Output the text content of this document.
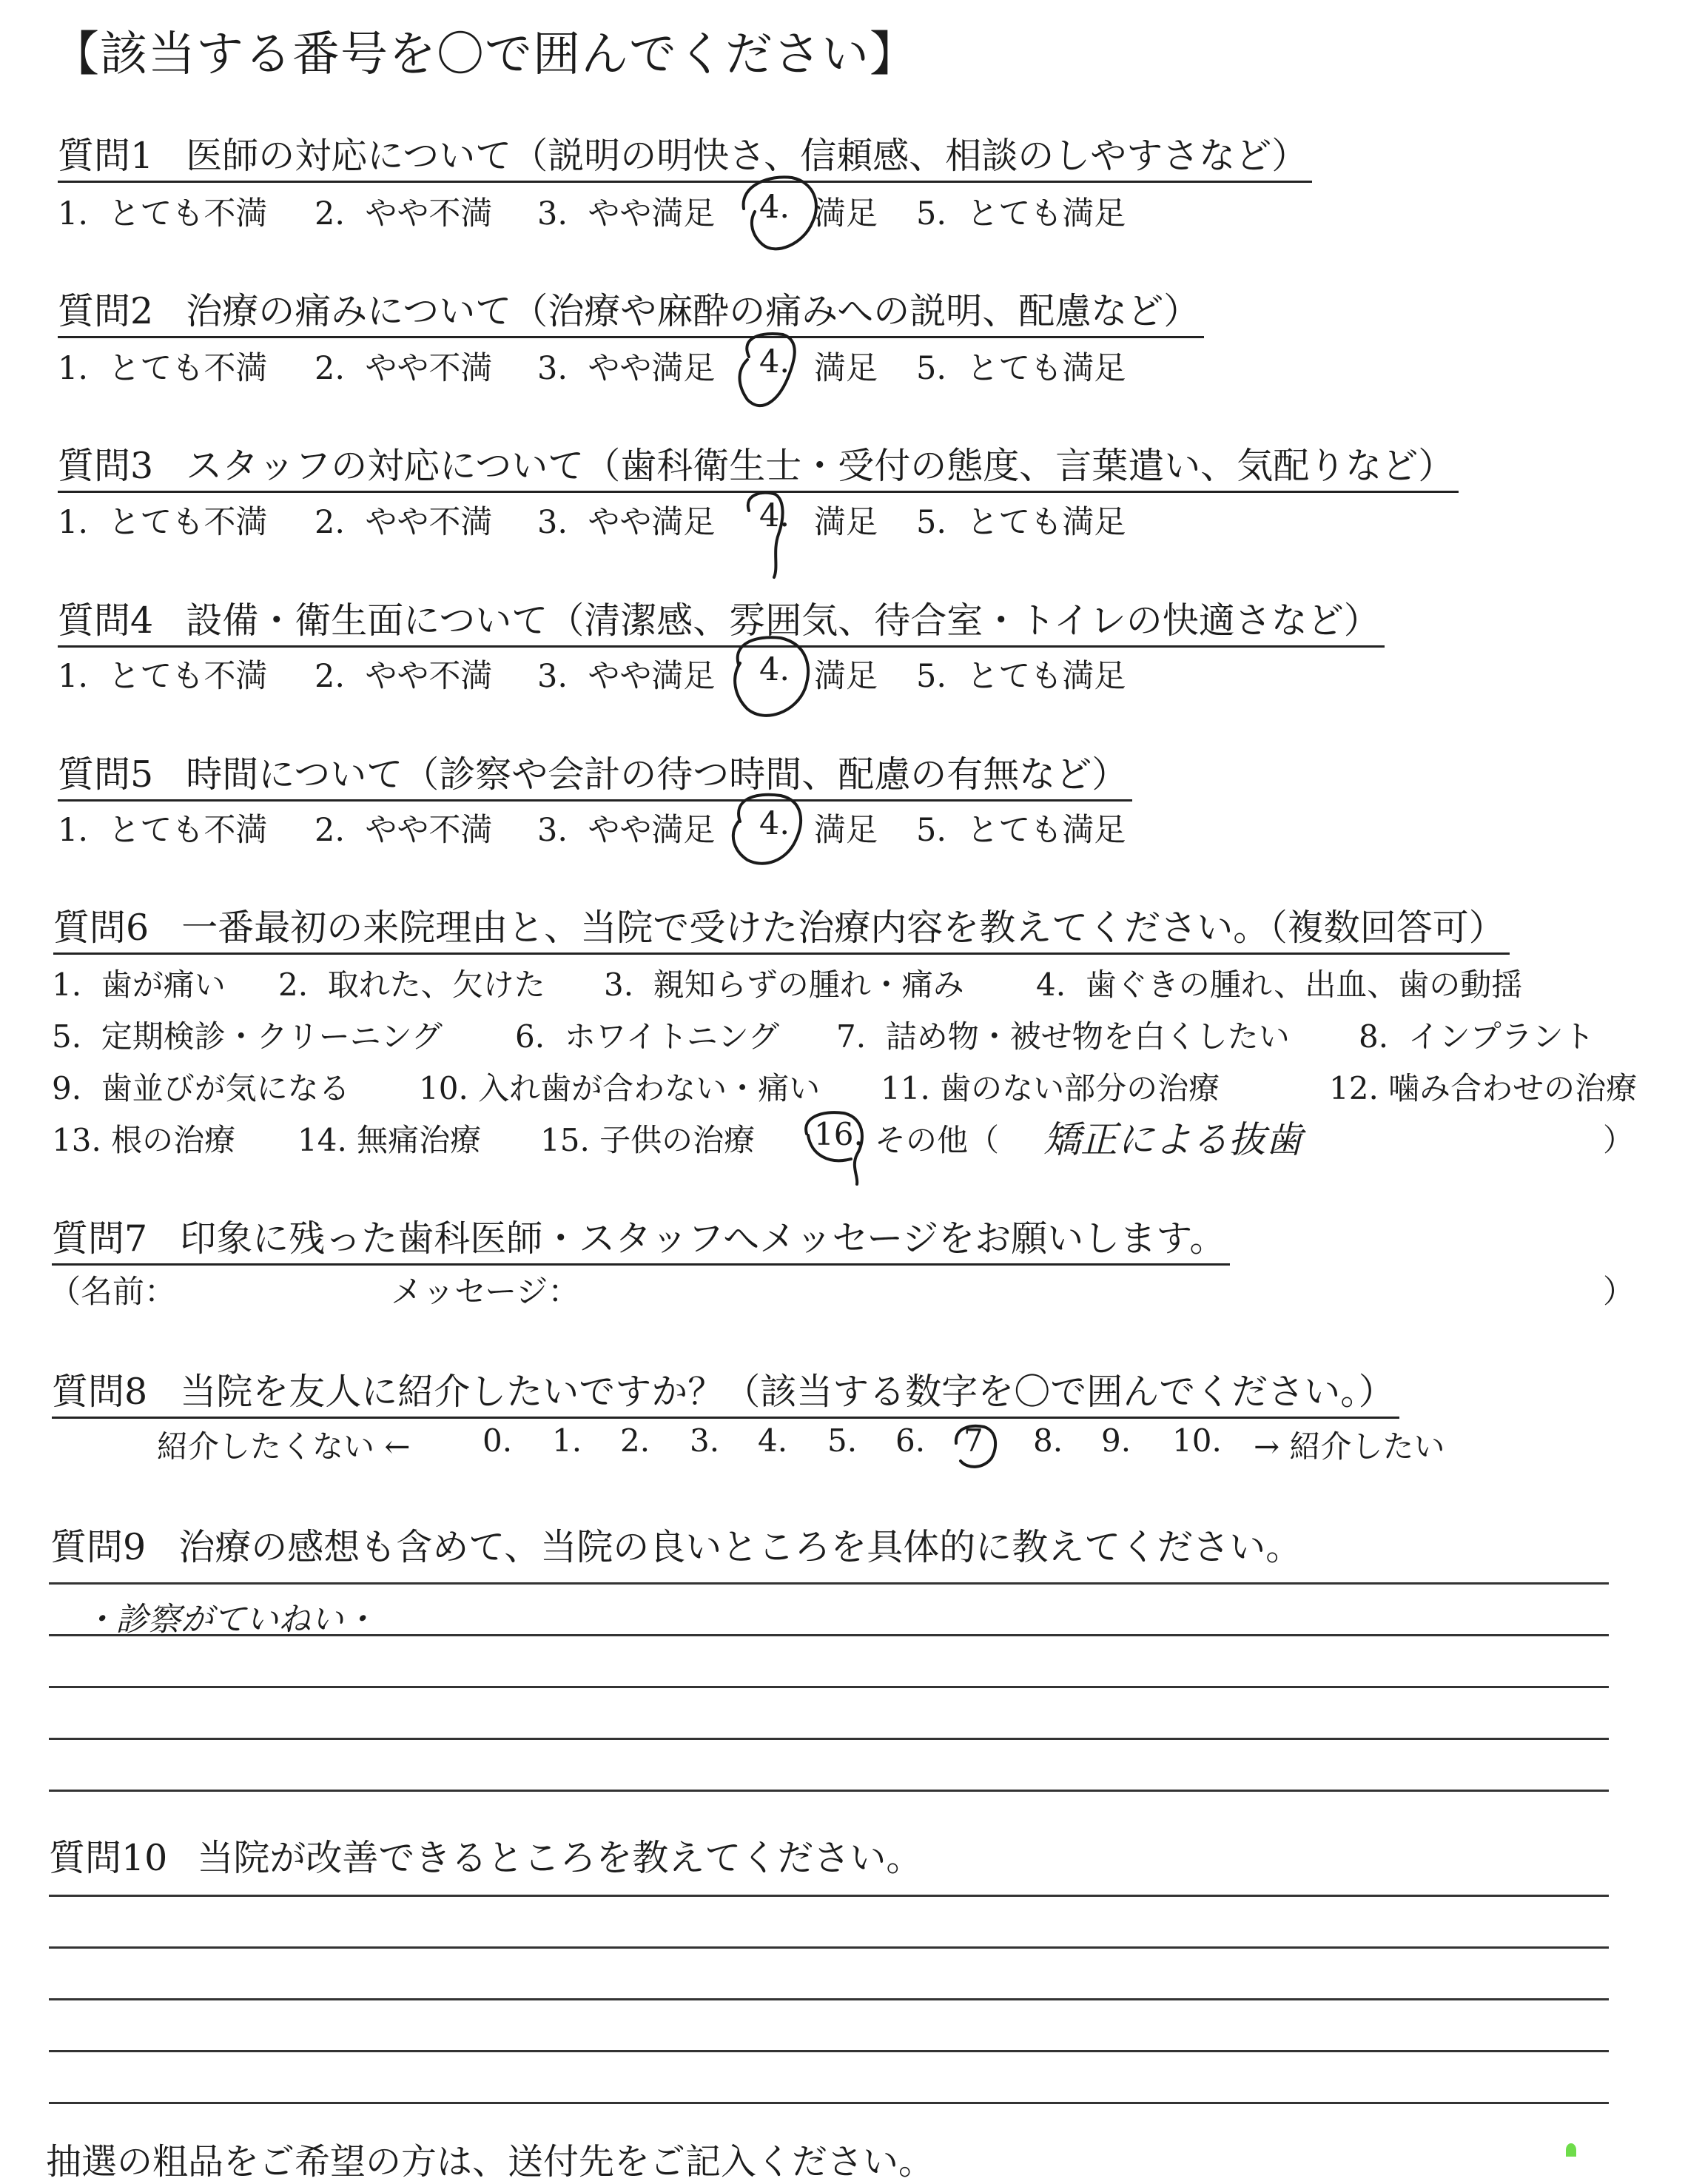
【該当する番号を〇で囲んでください】
質問1 医師の対応について（説明の明快さ、信頼感、相談のしやすさなど）
1.  とても不満 2.  やや不満 3.  やや満足 4. 満足 5.  とても満足
質問2 治療の痛みについて（治療や麻酔の痛みへの説明、配慮など）
1.  とても不満 2.  やや不満 3.  やや満足 4. 満足 5.  とても満足
質問3 スタッフの対応について（歯科衛生士・受付の態度、言葉遣い、気配りなど）
1.  とても不満 2.  やや不満 3.  やや満足 4. 満足 5.  とても満足
質問4 設備・衛生面について（清潔感、雰囲気、待合室・トイレの快適さなど）
1.  とても不満 2.  やや不満 3.  やや満足 4. 満足 5.  とても満足
質問5 時間について（診察や会計の待つ時間、配慮の有無など）
1.  とても不満 2.  やや不満 3.  やや満足 4. 満足 5.  とても満足
質問6 一番最初の来院理由と、当院で受けた治療内容を教えてください。（複数回答可）
1.  歯が痛い 2.  取れた、欠けた 3.  親知らずの腫れ・痛み 4.  歯ぐきの腫れ、出血、歯の動揺
5.  定期検診・クリーニング 6.  ホワイトニング 7.  詰め物・被せ物を白くしたい 8.  インプラント
9.  歯並びが気になる 10. 入れ歯が合わない・痛い 11. 歯のない部分の治療	12. 噛み合わせの治療
13. 根の治療 14. 無痛治療 15. 子供の治療 16. その他（	）
矯正による抜歯
質問7 印象に残った歯科医師・スタッフへメッセージをお願いします。
（名前：	メッセージ：	）
質問8 当院を友人に紹介したいですか？（該当する数字を〇で囲んでください。）
紹介したくない ← 0. 1. 2. 3. 4. 5. 6. 7 8. 9. 10. → 紹介したい
質問9 治療の感想も含めて、当院の良いところを具体的に教えてください。
・診察がていねい・
質問10 当院が改善できるところを教えてください。
抽選の粗品をご希望の方は、送付先をご記入ください。
